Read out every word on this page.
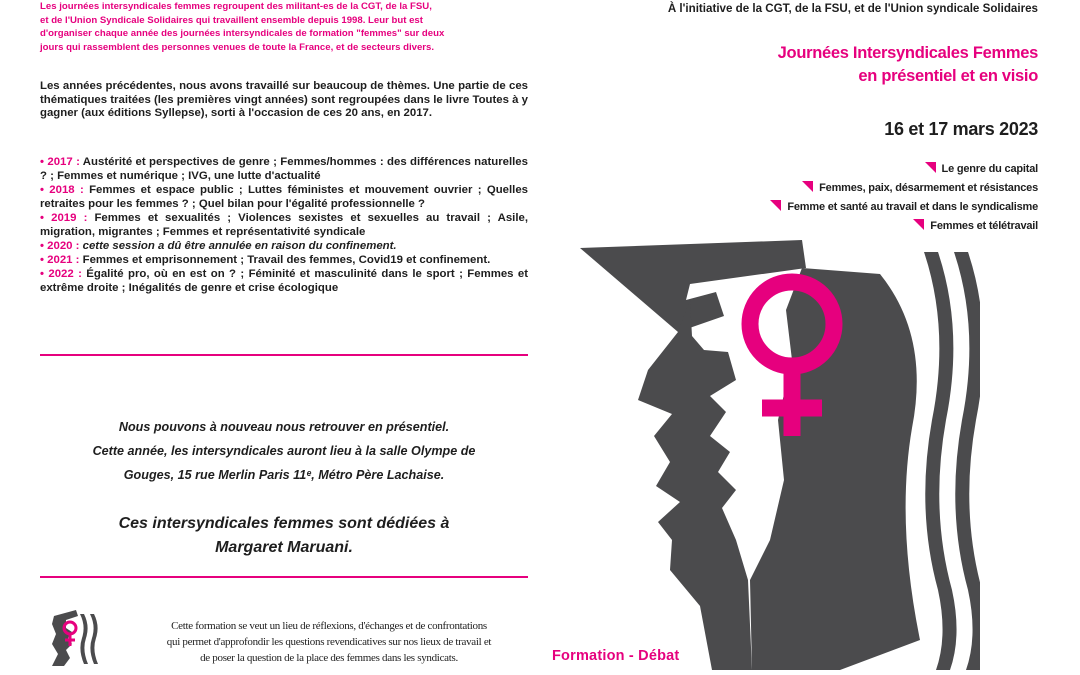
Les journées intersyndicales femmes regroupent des militant-es de la CGT, de la FSU,

et de l'Union Syndicale Solidaires qui travaillent ensemble depuis 1998. Leur but est

d'organiser chaque année des journées intersyndicales de formation "femmes" sur deux

jours qui rassemblent des personnes venues de toute la France, et de secteurs divers.

Les années précédentes, nous avons travaillé sur beaucoup de thèmes. Une partie de ces thématiques traitées (les premières vingt années) sont regroupées dans le livre Toutes à y gagner (aux éditions Syllepse), sorti à l'occasion de ces 20 ans, en 2017.

• 2017 : Austérité et perspectives de genre ; Femmes/hommes : des différences naturelles ? ; Femmes et numérique ; IVG, une lutte d'actualité
• 2018 : Femmes et espace public ; Luttes féministes et mouvement ouvrier ; Quelles retraites pour les femmes ? ; Quel bilan pour l'égalité professionnelle ?
• 2019 : Femmes et sexualités ; Violences sexistes et sexuelles au travail ; Asile, migration, migrantes ; Femmes et représentativité syndicale
• 2020 : cette session a dû être annulée en raison du confinement.
• 2021 : Femmes et emprisonnement ; Travail des femmes, Covid19 et confinement.
• 2022 : Égalité pro, où en est on ? ; Féminité et masculinité dans le sport ; Femmes et extrême droite ; Inégalités de genre et crise écologique
Nous pouvons à nouveau nous retrouver en présentiel.
Cette année, les intersyndicales auront lieu à la salle Olympe de
Gouges, 15 rue Merlin Paris 11ᵉ, Métro Père Lachaise.
Ces intersyndicales femmes sont dédiées à
Margaret Maruani.
Cette formation se veut un lieu de réflexions, d'échanges et de confrontations
qui permet d'approfondir les questions revendicatives sur nos lieux de travail et
de poser la question de la place des femmes dans les syndicats.
À l'initiative de la CGT, de la FSU, et de l'Union syndicale Solidaires
Journées Intersyndicales Femmes
en présentiel et en visio
16 et 17 mars 2023
Le genre du capital
Femmes, paix, désarmement et résistances
Femme et santé au travail et dans le syndicalisme
Femmes et télétravail
Formation - Débat
